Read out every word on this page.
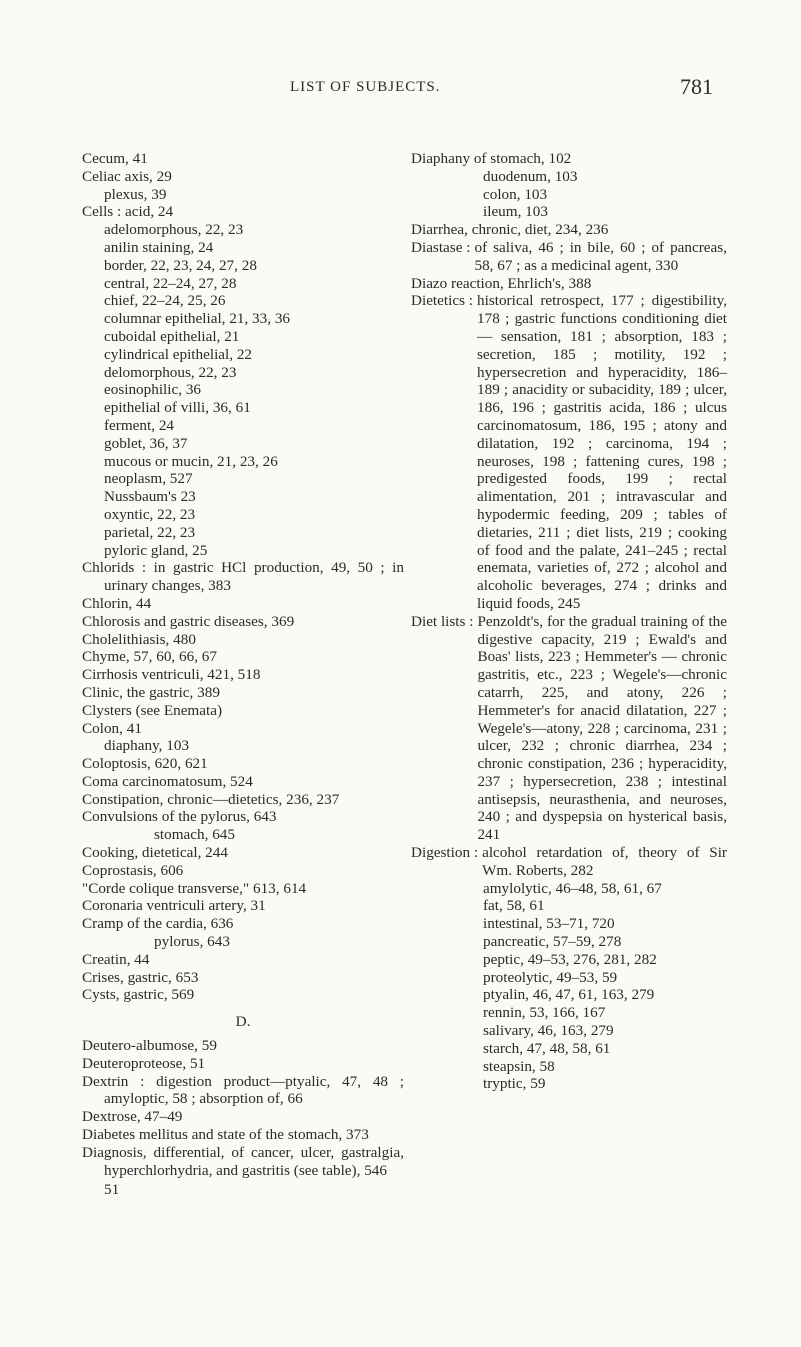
LIST OF SUBJECTS.	781
Cecum, 41
Celiac axis, 29
plexus, 39
Cells : acid, 24
adelomorphous, 22, 23
anilin staining, 24
border, 22, 23, 24, 27, 28
central, 22–24, 27, 28
chief, 22–24, 25, 26
columnar epithelial, 21, 33, 36
cuboidal epithelial, 21
cylindrical epithelial, 22
delomorphous, 22, 23
eosinophilic, 36
epithelial of villi, 36, 61
ferment, 24
goblet, 36, 37
mucous or mucin, 21, 23, 26
neoplasm, 527
Nussbaum's 23
oxyntic, 22, 23
parietal, 22, 23
pyloric gland, 25
Chlorids : in gastric HCl production, 49, 50 ; in urinary changes, 383
Chlorin, 44
Chlorosis and gastric diseases, 369
Cholelithiasis, 480
Chyme, 57, 60, 66, 67
Cirrhosis ventriculi, 421, 518
Clinic, the gastric, 389
Clysters (see Enemata)
Colon, 41
diaphany, 103
Coloptosis, 620, 621
Coma carcinomatosum, 524
Constipation, chronic—dietetics, 236, 237
Convulsions of the pylorus, 643
stomach, 645
Cooking, dietetical, 244
Coprostasis, 606
"Corde colique transverse," 613, 614
Coronaria ventriculi artery, 31
Cramp of the cardia, 636
pylorus, 643
Creatin, 44
Crises, gastric, 653
Cysts, gastric, 569
D.
Deutero-albumose, 59
Deuteroproteose, 51
Dextrin : digestion product—ptyalic, 47, 48 ; amyloptic, 58 ; absorption of, 66
Dextrose, 47–49
Diabetes mellitus and state of the stomach, 373
Diagnosis, differential, of cancer, ulcer, gastralgia, hyperchlorhydria, and gastritis (see table), 546
51
Diaphany of stomach, 102
duodenum, 103
colon, 103
ileum, 103
Diarrhea, chronic, diet, 234, 236
Diastase : of saliva, 46 ; in bile, 60 ; of pancreas, 58, 67 ; as a medicinal agent, 330
Diazo reaction, Ehrlich's, 388
Dietetics : historical retrospect, 177 ; digestibility, 178 ; gastric functions conditioning diet — sensation, 181 ; absorption, 183 ; secretion, 185 ; motility, 192 ; hypersecretion and hyperacidity, 186–189 ; anacidity or subacidity, 189 ; ulcer, 186, 196 ; gastritis acida, 186 ; ulcus carcinomatosum, 186, 195 ; atony and dilatation, 192 ; carcinoma, 194 ; neuroses, 198 ; fattening cures, 198 ; predigested foods, 199 ; rectal alimentation, 201 ; intravascular and hypodermic feeding, 209 ; tables of dietaries, 211 ; diet lists, 219 ; cooking of food and the palate, 241–245 ; rectal enemata, varieties of, 272 ; alcohol and alcoholic beverages, 274 ; drinks and liquid foods, 245
Diet lists : Penzoldt's, for the gradual training of the digestive capacity, 219 ; Ewald's and Boas' lists, 223 ; Hemmeter's — chronic gastritis, etc., 223 ; Wegele's—chronic catarrh, 225, and atony, 226 ; Hemmeter's for anacid dilatation, 227 ; Wegele's—atony, 228 ; carcinoma, 231 ; ulcer, 232 ; chronic diarrhea, 234 ; chronic constipation, 236 ; hyperacidity, 237 ; hypersecretion, 238 ; intestinal antisepsis, neurasthenia, and neuroses, 240 ; and dyspepsia on hysterical basis, 241
Digestion : alcohol retardation of, theory of Sir Wm. Roberts, 282
amylolytic, 46–48, 58, 61, 67
fat, 58, 61
intestinal, 53–71, 720
pancreatic, 57–59, 278
peptic, 49–53, 276, 281, 282
proteolytic, 49–53, 59
ptyalin, 46, 47, 61, 163, 279
rennin, 53, 166, 167
salivary, 46, 163, 279
starch, 47, 48, 58, 61
steapsin, 58
tryptic, 59
